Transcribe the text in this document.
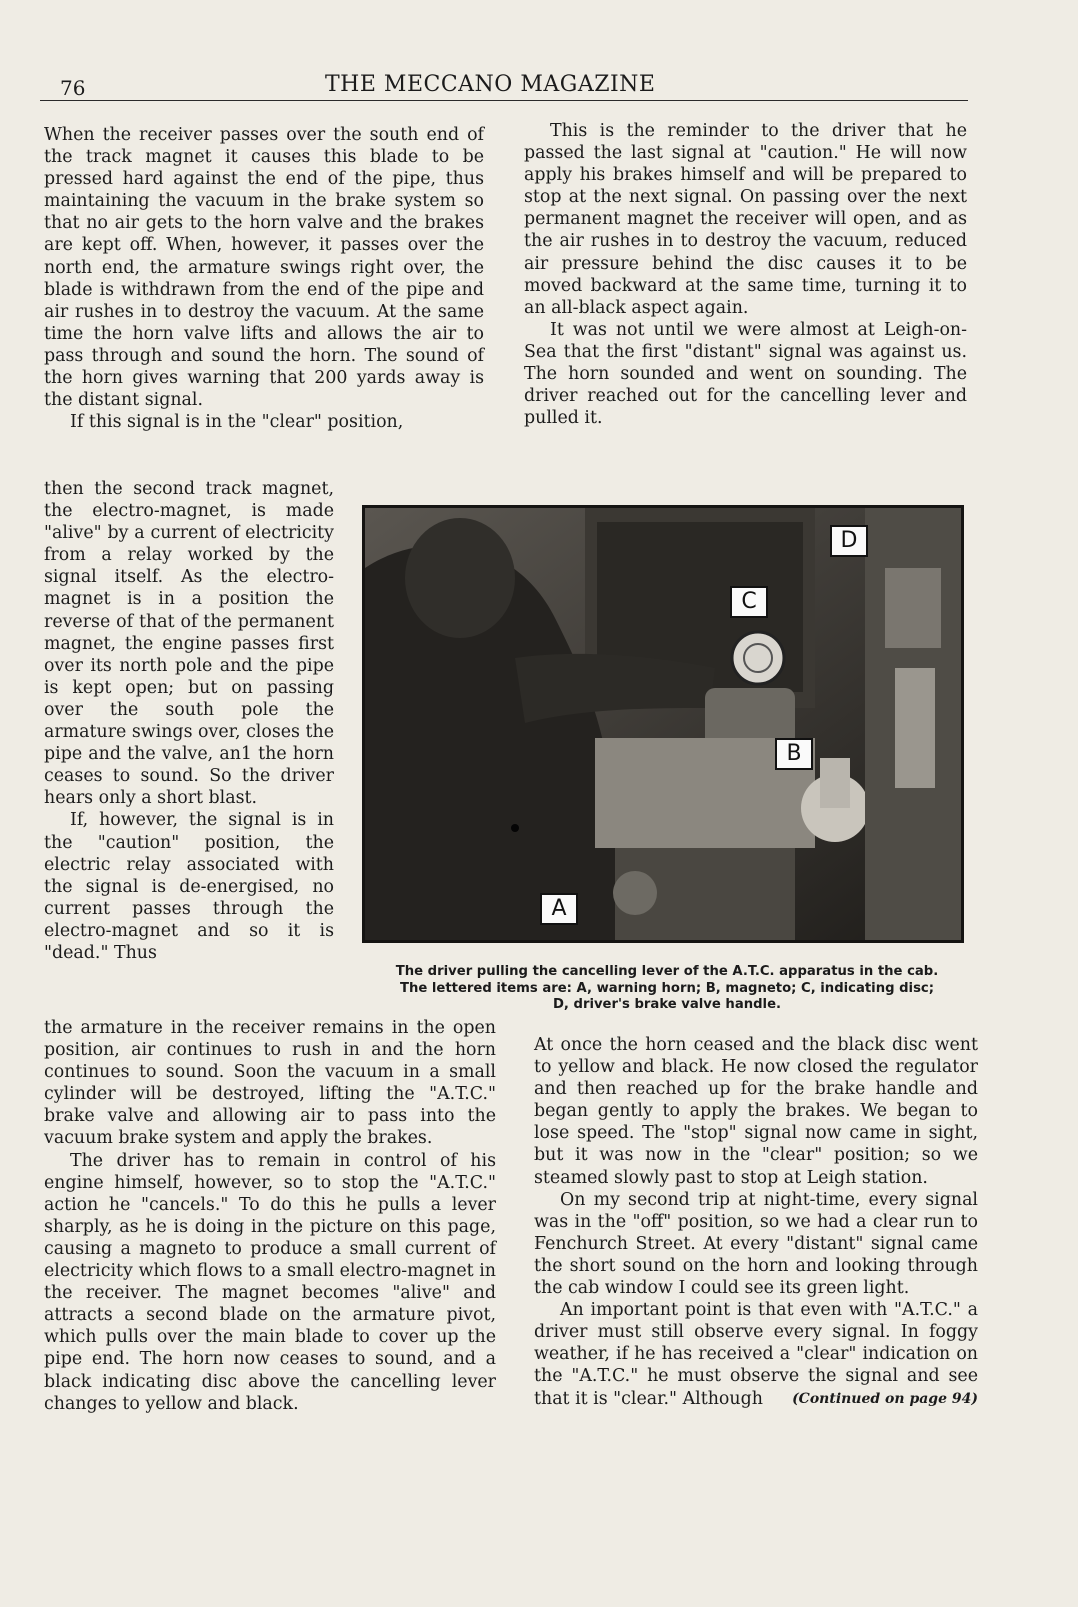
76	THE MECCANO MAGAZINE

When the receiver passes over the south end of the track magnet it causes this blade to be pressed hard against the end of the pipe, thus maintaining the vacuum in the brake system so that no air gets to the horn valve and the brakes are kept off. When, however, it passes over the north end, the armature swings right over, the blade is withdrawn from the end of the pipe and air rushes in to destroy the vacuum. At the same time the horn valve lifts and allows the air to pass through and sound the horn. The sound of the horn gives warning that 200 yards away is the distant signal.

If this signal is in the "clear" position,

then the second track magnet, the electro-magnet, is made "alive" by a current of electricity from a relay worked by the signal itself. As the electro-magnet is in a position the reverse of that of the permanent magnet, the engine passes first over its north pole and the pipe is kept open; but on passing over the south pole the armature swings over, closes the pipe and the valve, an1 the horn ceases to sound. So the driver hears only a short blast.

If, however, the signal is in the "caution" position, the electric relay associated with the signal is de-energised, no current passes through the electro-magnet and so it is "dead." Thus

the armature in the receiver remains in the open position, air continues to rush in and the horn continues to sound. Soon the vacuum in a small cylinder will be destroyed, lifting the "A.T.C." brake valve and allowing air to pass into the vacuum brake system and apply the brakes.

The driver has to remain in control of his engine himself, however, so to stop the "A.T.C." action he "cancels." To do this he pulls a lever sharply, as he is doing in the picture on this page, causing a magneto to produce a small current of electricity which flows to a small electro-magnet in the receiver. The magnet becomes "alive" and attracts a second blade on the armature pivot, which pulls over the main blade to cover up the pipe end. The horn now ceases to sound, and a black indicating disc above the cancelling lever changes to yellow and black.

This is the reminder to the driver that he passed the last signal at "caution." He will now apply his brakes himself and will be prepared to stop at the next signal. On passing over the next permanent magnet the receiver will open, and as the air rushes in to destroy the vacuum, reduced air pressure behind the disc causes it to be moved backward at the same time, turning it to an all-black aspect again.

It was not until we were almost at Leigh-on-Sea that the first "distant" signal was against us. The horn sounded and went on sounding. The driver reached out for the cancelling lever and pulled it.

D
C
B
A
The driver pulling the cancelling lever of the A.T.C. apparatus in the cab.
The lettered items are: A, warning horn; B, magneto; C, indicating disc;
D, driver's brake valve handle.

At once the horn ceased and the black disc went to yellow and black. He now closed the regulator and then reached up for the brake handle and began gently to apply the brakes. We began to lose speed. The "stop" signal now came in sight, but it was now in the "clear" position; so we steamed slowly past to stop at Leigh station.

On my second trip at night-time, every signal was in the "off" position, so we had a clear run to Fenchurch Street. At every "distant" signal came the short sound on the horn and looking through the cab window I could see its green light.

An important point is that even with "A.T.C." a driver must still observe every signal. In foggy weather, if he has received a "clear" indication on the "A.T.C." he must observe the signal and see that it is "clear." Although	(Continued on page 94)
